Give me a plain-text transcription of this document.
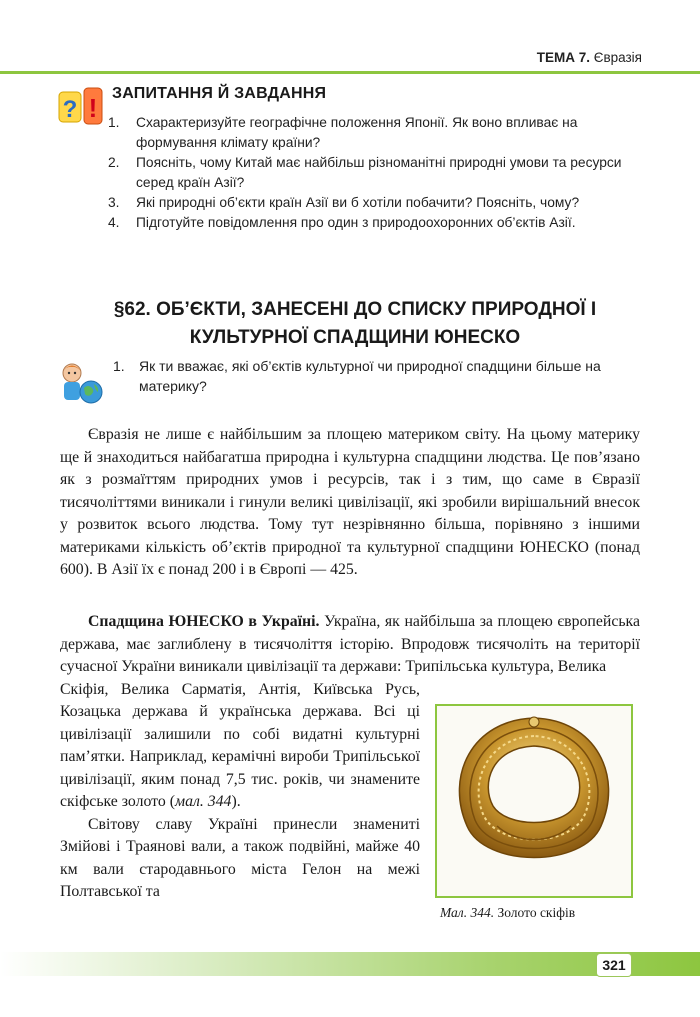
ТЕМА 7. Євразія
? ! ЗАПИТАННЯ Й ЗАВДАННЯ
1. Схарактеризуйте географічне положення Японії. Як воно впливає на формування клімату країни?
2. Поясніть, чому Китай має найбільш різноманітні природні умови та ресурси серед країн Азії?
3. Які природні об’єкти країн Азії ви б хотіли побачити? Поясніть, чому?
4. Підготуйте повідомлення про один з природоохоронних об’єктів Азії.
§62. ОБ’ЄКТИ, ЗАНЕСЕНІ ДО СПИСКУ ПРИРОДНОЇ І
КУЛЬТУРНОЇ СПАДЩИНИ ЮНЕСКО
1.	Як ти вважає, які об’єктів культурної чи природної спадщини більше на материку?

Євразія не лише є найбільшим за площею материком світу. На цьому материку ще й знаходиться найбагатша природна і культурна спадщини людства. Це пов’язано як з розмаїттям природних умов і ресурсів, так і з тим, що саме в Євразії тисячоліттями виникали і гинули великі цивілізації, які зробили вирішальний внесок у розвиток всього людства. Тому тут незрівнянно більша, порівняно з іншими материками кількість об’єктів природної та культурної спадщини ЮНЕСКО (понад 600). В Азії їх є понад 200 і в Європі — 425.

Спадщина ЮНЕСКО в Україні. Україна, як найбільша за площею європейська держава, має заглиблену в тисячоліття історію. Впродовж тисячоліть на території сучасної України виникали цивілізації та держави: Трипільська культура, Велика
Скіфія, Велика Сарматія, Антія, Київська Русь, Козацька держава й українська держава. Всі ці цивілізації залишили по собі видатні культурні пам’ятки. Наприклад, керамічні вироби Трипільської цивілізації, яким понад 7,5 тис. років, чи знамените скіфське золото (мал. 344).
Світову славу Україні принесли знамениті Змійові і Траянові вали, а також подвійні, майже 40 км вали стародавнього міста Гелон на межі Полтавської та
Мал. 344. Золото скіфів
321
